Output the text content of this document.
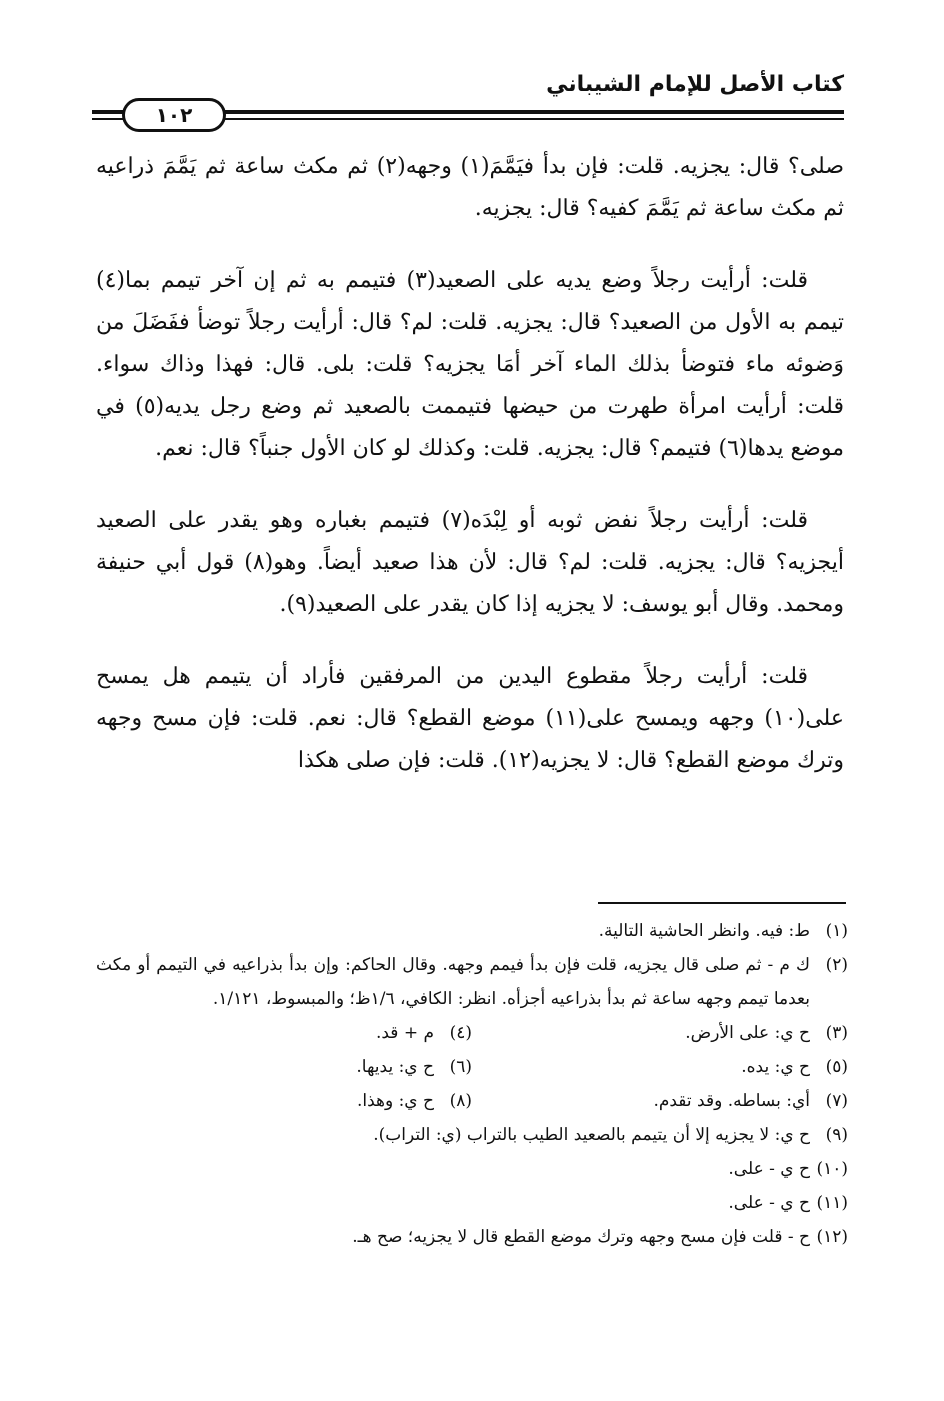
كتاب الأصل للإمام الشيباني
١٠٢

صلى؟ قال: يجزيه. قلت: فإن بدأ فيَمَّمَ(١) وجهه(٢) ثم مكث ساعة ثم يَمَّمَ ذراعيه ثم مكث ساعة ثم يَمَّمَ كفيه؟ قال: يجزيه.

قلت: أرأيت رجلاً وضع يديه على الصعيد(٣) فتيمم به ثم إن آخر تيمم بما(٤) تيمم به الأول من الصعيد؟ قال: يجزيه. قلت: لم؟ قال: أرأيت رجلاً توضأ ففَضَلَ من وَضوئه ماء فتوضأ بذلك الماء آخر أمَا يجزيه؟ قلت: بلى. قال: فهذا وذاك سواء. قلت: أرأيت امرأة طهرت من حيضها فتيممت بالصعيد ثم وضع رجل يديه(٥) في موضع يدها(٦) فتيمم؟ قال: يجزيه. قلت: وكذلك لو كان الأول جنباً؟ قال: نعم.

قلت: أرأيت رجلاً نفض ثوبه أو لِبْدَه(٧) فتيمم بغباره وهو يقدر على الصعيد أيجزيه؟ قال: يجزيه. قلت: لم؟ قال: لأن هذا صعيد أيضاً. وهو(٨) قول أبي حنيفة ومحمد. وقال أبو يوسف: لا يجزيه إذا كان يقدر على الصعيد(٩).

قلت: أرأيت رجلاً مقطوع اليدين من المرفقين فأراد أن يتيمم هل يمسح على(١٠) وجهه ويمسح على(١١) موضع القطع؟ قال: نعم. قلت: فإن مسح وجهه وترك موضع القطع؟ قال: لا يجزيه(١٢). قلت: فإن صلى هكذا

(١)
ط: فيه. وانظر الحاشية التالية.
(٢)
ك م - ثم صلى قال يجزيه، قلت فإن بدأ فيمم وجهه. وقال الحاكم: وإن بدأ بذراعيه في التيمم أو مكث بعدما تيمم وجهه ساعة ثم بدأ بذراعيه أجزأه. انظر: الكافي، ١/٦ظ؛ والمبسوط، ١/١٢١.
(٣)
ح ي: على الأرض.
(٤)
م + قد.
(٥)
ح ي: يده.
(٦)
ح ي: يديها.
(٧)
أي: بساطه. وقد تقدم.
(٨)
ح ي: وهذا.
(٩)
ح ي: لا يجزيه إلا أن يتيمم بالصعيد الطيب بالتراب (ي: التراب).
(١٠)
ح ي - على.
(١١)
ح ي - على.
(١٢)
ح - قلت فإن مسح وجهه وترك موضع القطع قال لا يجزيه؛ صح هـ.
